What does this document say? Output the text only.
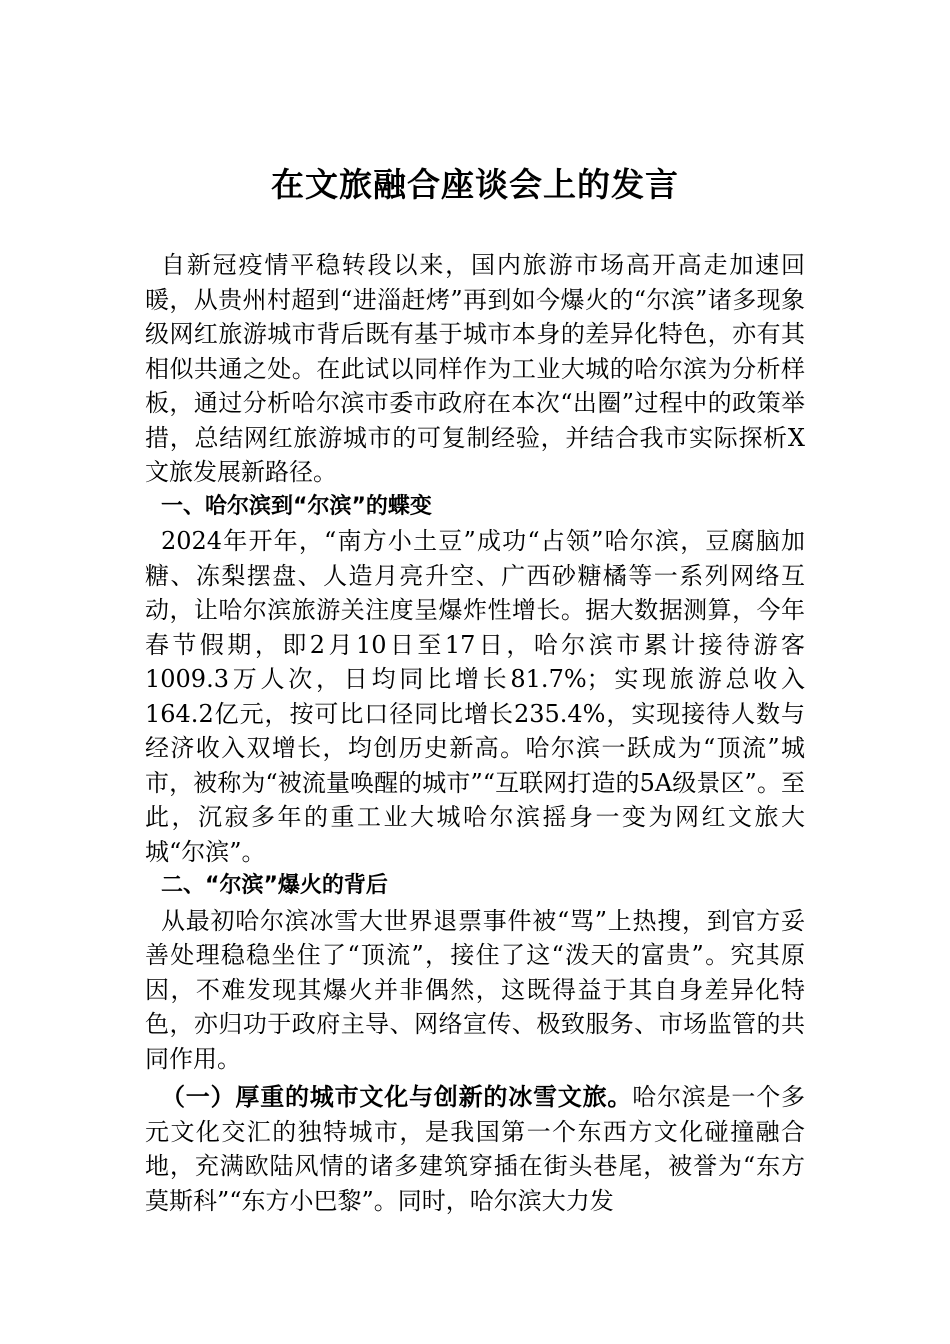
在文旅融合座谈会上的发言

自新冠疫情平稳转段以来，国内旅游市场高开高走加速回暖，从贵州村超到“进淄赶烤”再到如今爆火的“尔滨”诸多现象级网红旅游城市背后既有基于城市本身的差异化特色，亦有其相似共通之处。在此试以同样作为工业大城的哈尔滨为分析样板，通过分析哈尔滨市委市政府在本次“出圈”过程中的政策举措，总结网红旅游城市的可复制经验，并结合我市实际探析X文旅发展新路径。

一、哈尔滨到“尔滨”的蝶变

2024年开年，“南方小土豆”成功“占领”哈尔滨，豆腐脑加糖、冻梨摆盘、人造月亮升空、广西砂糖橘等一系列网络互动，让哈尔滨旅游关注度呈爆炸性增长。据大数据测算，今年春节假期，即2月10日至17日，哈尔滨市累计接待游客1009.3万人次，日均同比增长81.7%；实现旅游总收入164.2亿元，按可比口径同比增长235.4%，实现接待人数与经济收入双增长，均创历史新高。哈尔滨一跃成为“顶流”城市，被称为“被流量唤醒的城市”“互联网打造的5A级景区”。至此，沉寂多年的重工业大城哈尔滨摇身一变为网红文旅大城“尔滨”。

二、“尔滨”爆火的背后

从最初哈尔滨冰雪大世界退票事件被“骂”上热搜，到官方妥善处理稳稳坐住了“顶流”，接住了这“泼天的富贵”。究其原因，不难发现其爆火并非偶然，这既得益于其自身差异化特色，亦归功于政府主导、网络宣传、极致服务、市场监管的共同作用。

（一）厚重的城市文化与创新的冰雪文旅。哈尔滨是一个多元文化交汇的独特城市，是我国第一个东西方文化碰撞融合地，充满欧陆风情的诸多建筑穿插在街头巷尾，被誉为“东方莫斯科”“东方小巴黎”。同时，哈尔滨大力发
